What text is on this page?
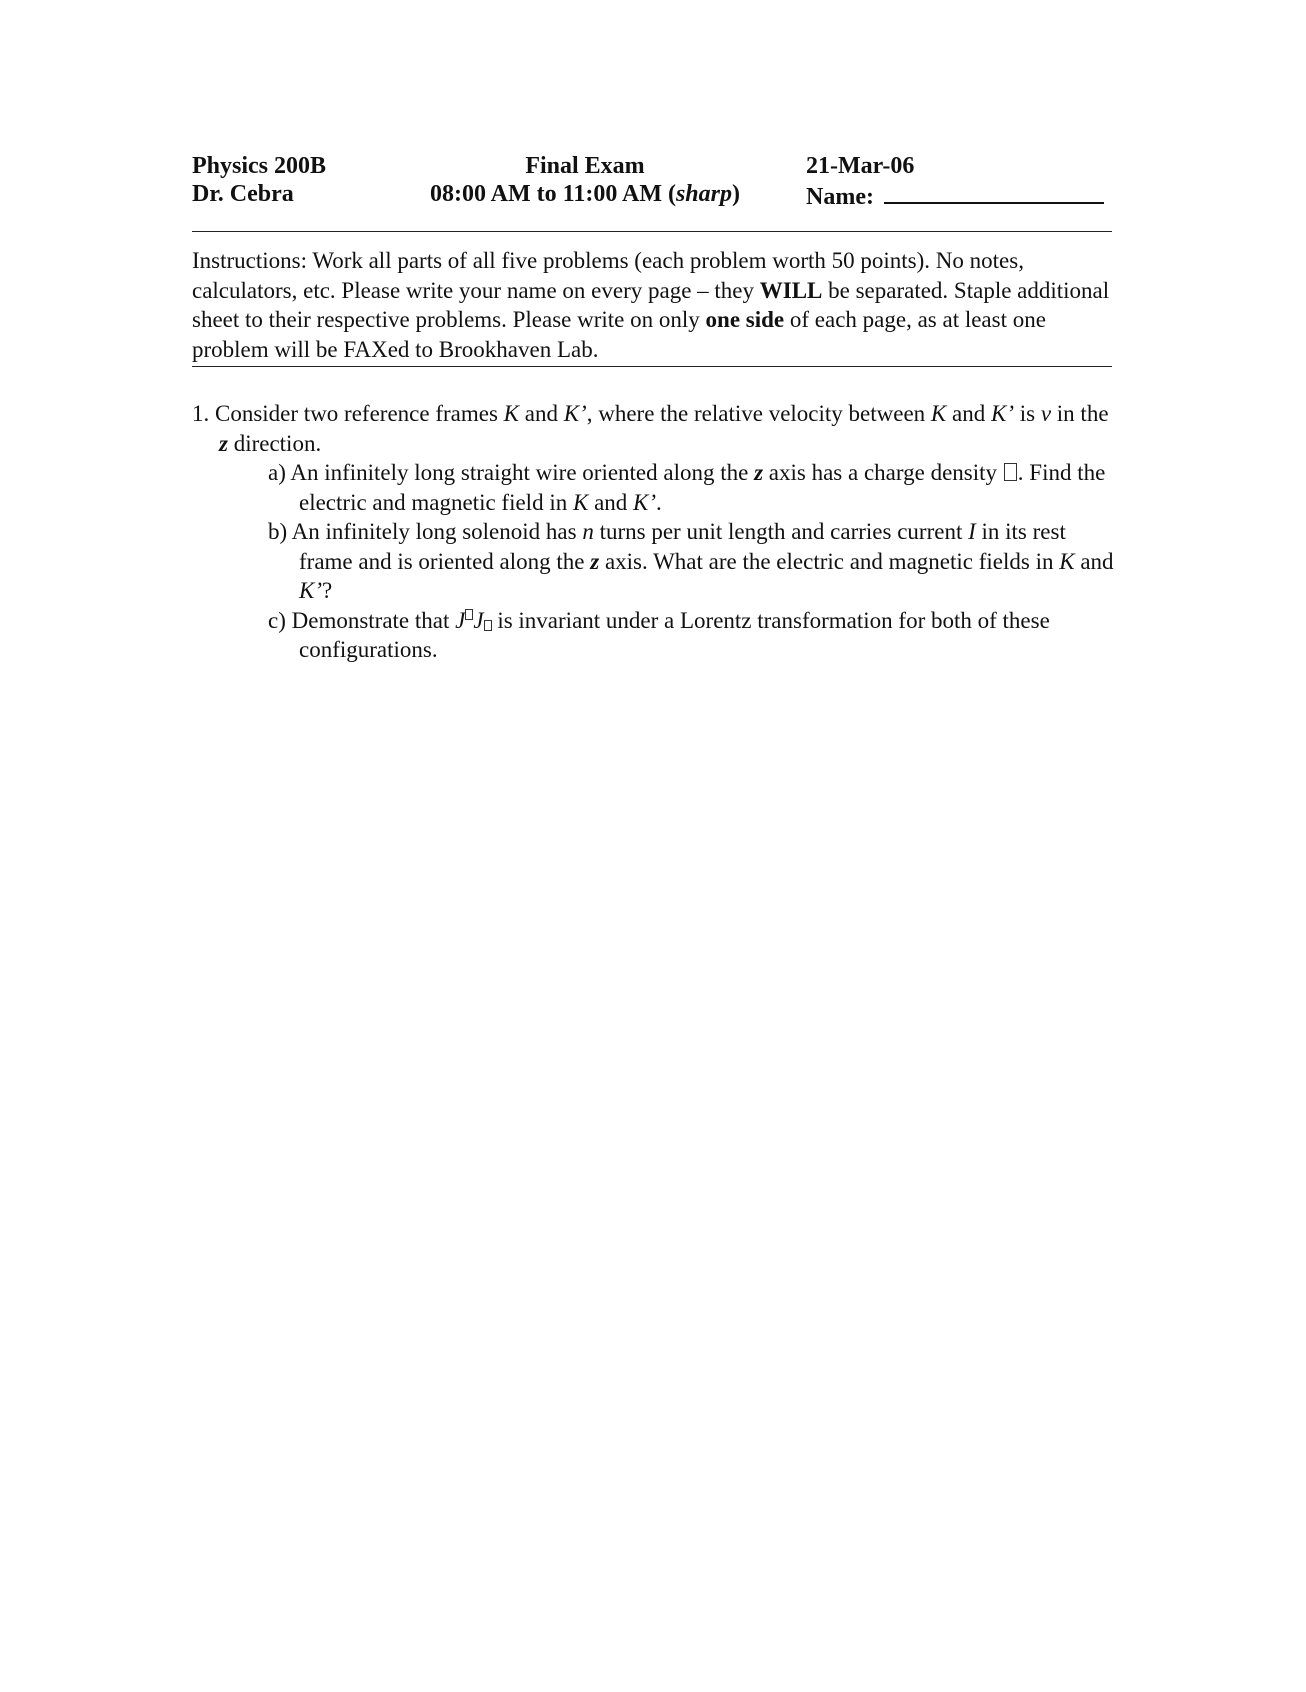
Physics 200B
Dr. Cebra
Final Exam
08:00 AM to 11:00 AM (sharp)
21-Mar-06
Name:
Instructions: Work all parts of all five problems (each problem worth 50 points). No notes, calculators, etc. Please write your name on every page – they WILL be separated. Staple additional sheet to their respective problems. Please write on only one side of each page, as at least one problem will be FAXed to Brookhaven Lab.
1. Consider two reference frames K and K’, where the relative velocity between K and K’ is v in the z direction.
a) An infinitely long straight wire oriented along the z axis has a charge density . Find the electric and magnetic field in K and K’.
b) An infinitely long solenoid has n turns per unit length and carries current I in its rest frame and is oriented along the z axis. What are the electric and magnetic fields in K and K’?
c) Demonstrate that J J is invariant under a Lorentz transformation for both of these configurations.
